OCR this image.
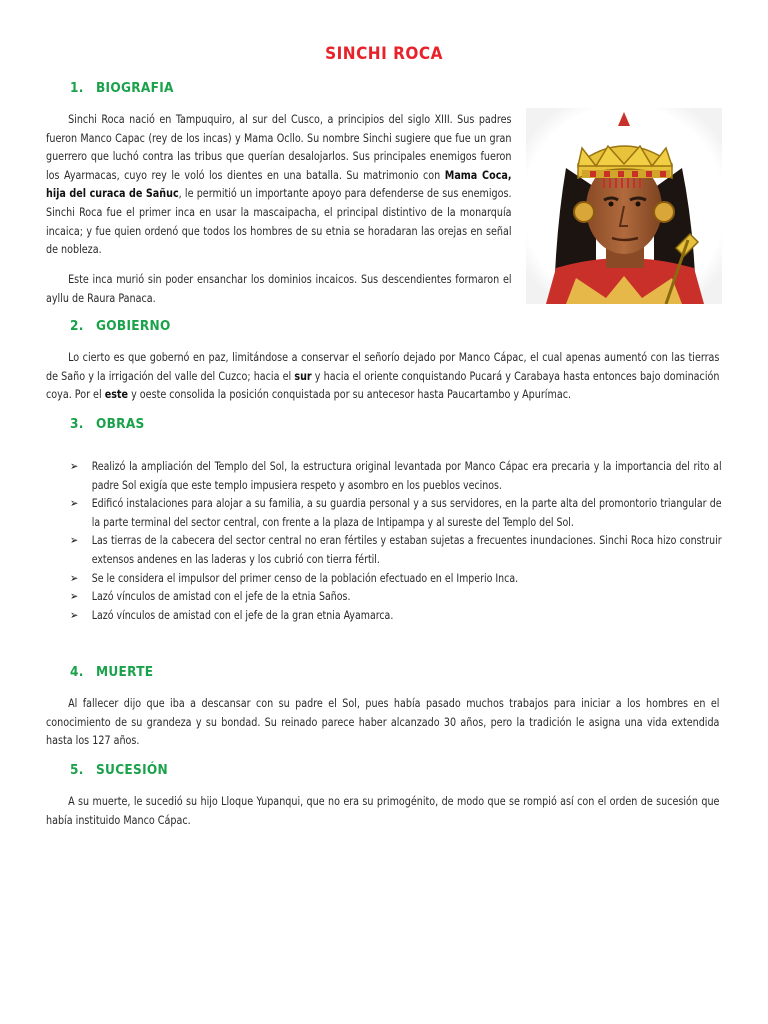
SINCHI ROCA
1. BIOGRAFIA
Sinchi Roca nació en Tampuquiro, al sur del Cusco, a principios del siglo XIII. Sus padres fueron Manco Capac (rey de los incas) y Mama Ocllo. Su nombre Sinchi sugiere que fue un gran guerrero que luchó contra las tribus que querían desalojarlos. Sus principales enemigos fueron los Ayarmacas, cuyo rey le voló los dientes en una batalla. Su matrimonio con Mama Coca, hija del curaca de Sañuc, le permitió un importante apoyo para defenderse de sus enemigos. Sinchi Roca fue el primer inca en usar la mascaipacha, el principal distintivo de la monarquía incaica; y fue quien ordenó que todos los hombres de su etnia se horadaran las orejas en señal de nobleza.
Este inca murió sin poder ensanchar los dominios incaicos. Sus descendientes formaron el ayllu de Raura Panaca.
2. GOBIERNO
Lo cierto es que gobernó en paz, limitándose a conservar el señorío dejado por Manco Cápac, el cual apenas aumentó con las tierras de Saño y la irrigación del valle del Cuzco; hacia el sur y hacia el oriente conquistando Pucará y Carabaya hasta entonces bajo dominación coya. Por el este y oeste consolida la posición conquistada por su antecesor hasta Paucartambo y Apurímac.
3. OBRAS
➢ Realizó la ampliación del Templo del Sol, la estructura original levantada por Manco Cápac era precaria y la importancia del rito al padre Sol exigía que este templo impusiera respeto y asombro en los pueblos vecinos.
➢ Edificó instalaciones para alojar a su familia, a su guardia personal y a sus servidores, en la parte alta del promontorio triangular de la parte terminal del sector central, con frente a la plaza de Intipampa y al sureste del Templo del Sol.
➢ Las tierras de la cabecera del sector central no eran fértiles y estaban sujetas a frecuentes inundaciones. Sinchi Roca hizo construir extensos andenes en las laderas y los cubrió con tierra fértil.
➢ Se le considera el impulsor del primer censo de la población efectuado en el Imperio Inca.
➢ Lazó vínculos de amistad con el jefe de la etnia Saños.
➢ Lazó vínculos de amistad con el jefe de la gran etnia Ayamarca.
4. MUERTE
Al fallecer dijo que iba a descansar con su padre el Sol, pues había pasado muchos trabajos para iniciar a los hombres en el conocimiento de su grandeza y su bondad. Su reinado parece haber alcanzado 30 años, pero la tradición le asigna una vida extendida hasta los 127 años.
5. SUCESIÓN
A su muerte, le sucedió su hijo Lloque Yupanqui, que no era su primogénito, de modo que se rompió así con el orden de sucesión que había instituido Manco Cápac.
